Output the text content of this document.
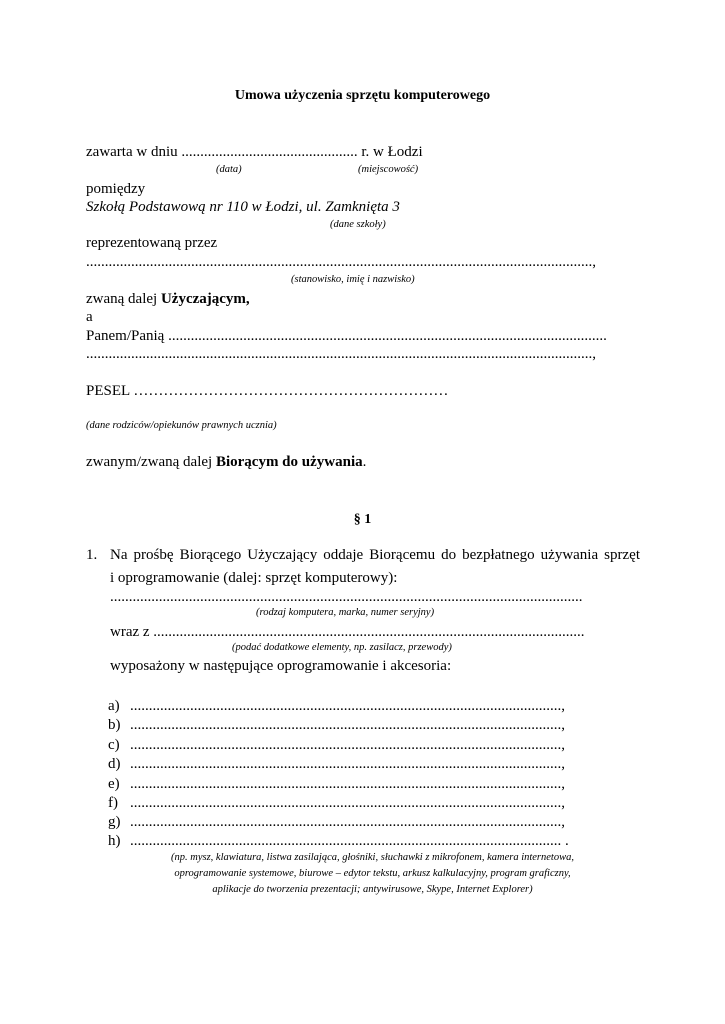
Umowa użyczenia sprzętu komputerowego
zawarta w dniu ............................................... r. w Łodzi
(data)	(miejscowość)
pomiędzy
Szkołą Podstawową nr 110 w Łodzi, ul. Zamknięta 3
(dane szkoły)
reprezentowaną przez
.......................................................................................................................................,
(stanowisko, imię i nazwisko)
zwaną dalej Użyczającym,
a
Panem/Panią .....................................................................................................................
.......................................................................................................................................,
PESEL ………………………………………………………
(dane rodziców/opiekunów prawnych ucznia)
zwanym/zwaną dalej Biorącym do używania.
§ 1
1. Na prośbę Biorącego Użyczający oddaje Biorącemu do bezpłatnego używania sprzęt
i oprogramowanie (dalej: sprzęt komputerowy):
..............................................................................................................................
(rodzaj komputera, marka, numer seryjny)
wraz z ...................................................................................................................
(podać dodatkowe elementy, np. zasilacz, przewody)
wyposażony w następujące oprogramowanie i akcesoria:
a) ...................................................................................................................,
b) ...................................................................................................................,
c) ...................................................................................................................,
d) ...................................................................................................................,
e) ...................................................................................................................,
f) ...................................................................................................................,
g) ...................................................................................................................,
h) ................................................................................................................... .
(np. mysz, klawiatura, listwa zasilająca, głośniki, słuchawki z mikrofonem, kamera internetowa,
oprogramowanie systemowe, biurowe – edytor tekstu, arkusz kalkulacyjny, program graficzny,
aplikacje do tworzenia prezentacji; antywirusowe, Skype, Internet Explorer)
